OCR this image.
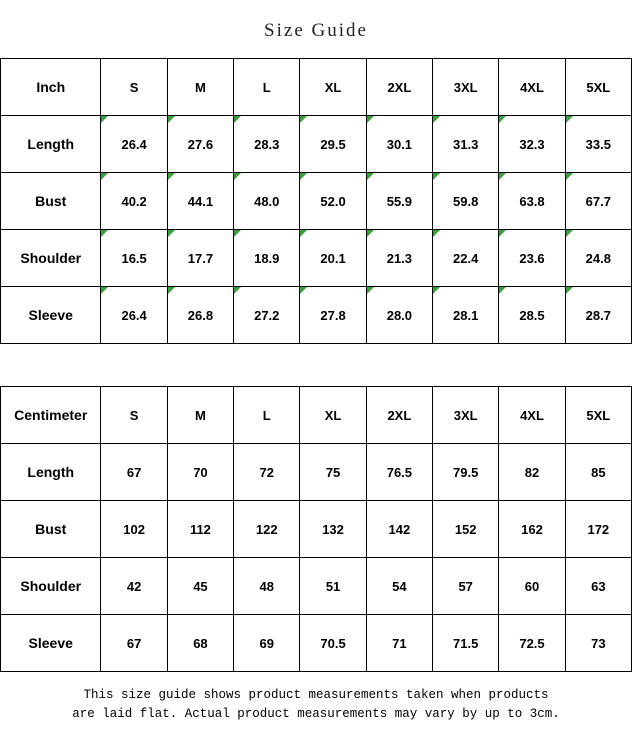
Size Guide
Inch	S	M	L	XL	2XL	3XL	4XL	5XL
Length	26.4	27.6	28.3	29.5	30.1	31.3	32.3	33.5
Bust	40.2	44.1	48.0	52.0	55.9	59.8	63.8	67.7
Shoulder	16.5	17.7	18.9	20.1	21.3	22.4	23.6	24.8
Sleeve	26.4	26.8	27.2	27.8	28.0	28.1	28.5	28.7
Centimeter	S	M	L	XL	2XL	3XL	4XL	5XL
Length	67	70	72	75	76.5	79.5	82	85
Bust	102	112	122	132	142	152	162	172
Shoulder	42	45	48	51	54	57	60	63
Sleeve	67	68	69	70.5	71	71.5	72.5	73
This size guide shows product measurements taken when products
are laid flat. Actual product measurements may vary by up to 3cm.
